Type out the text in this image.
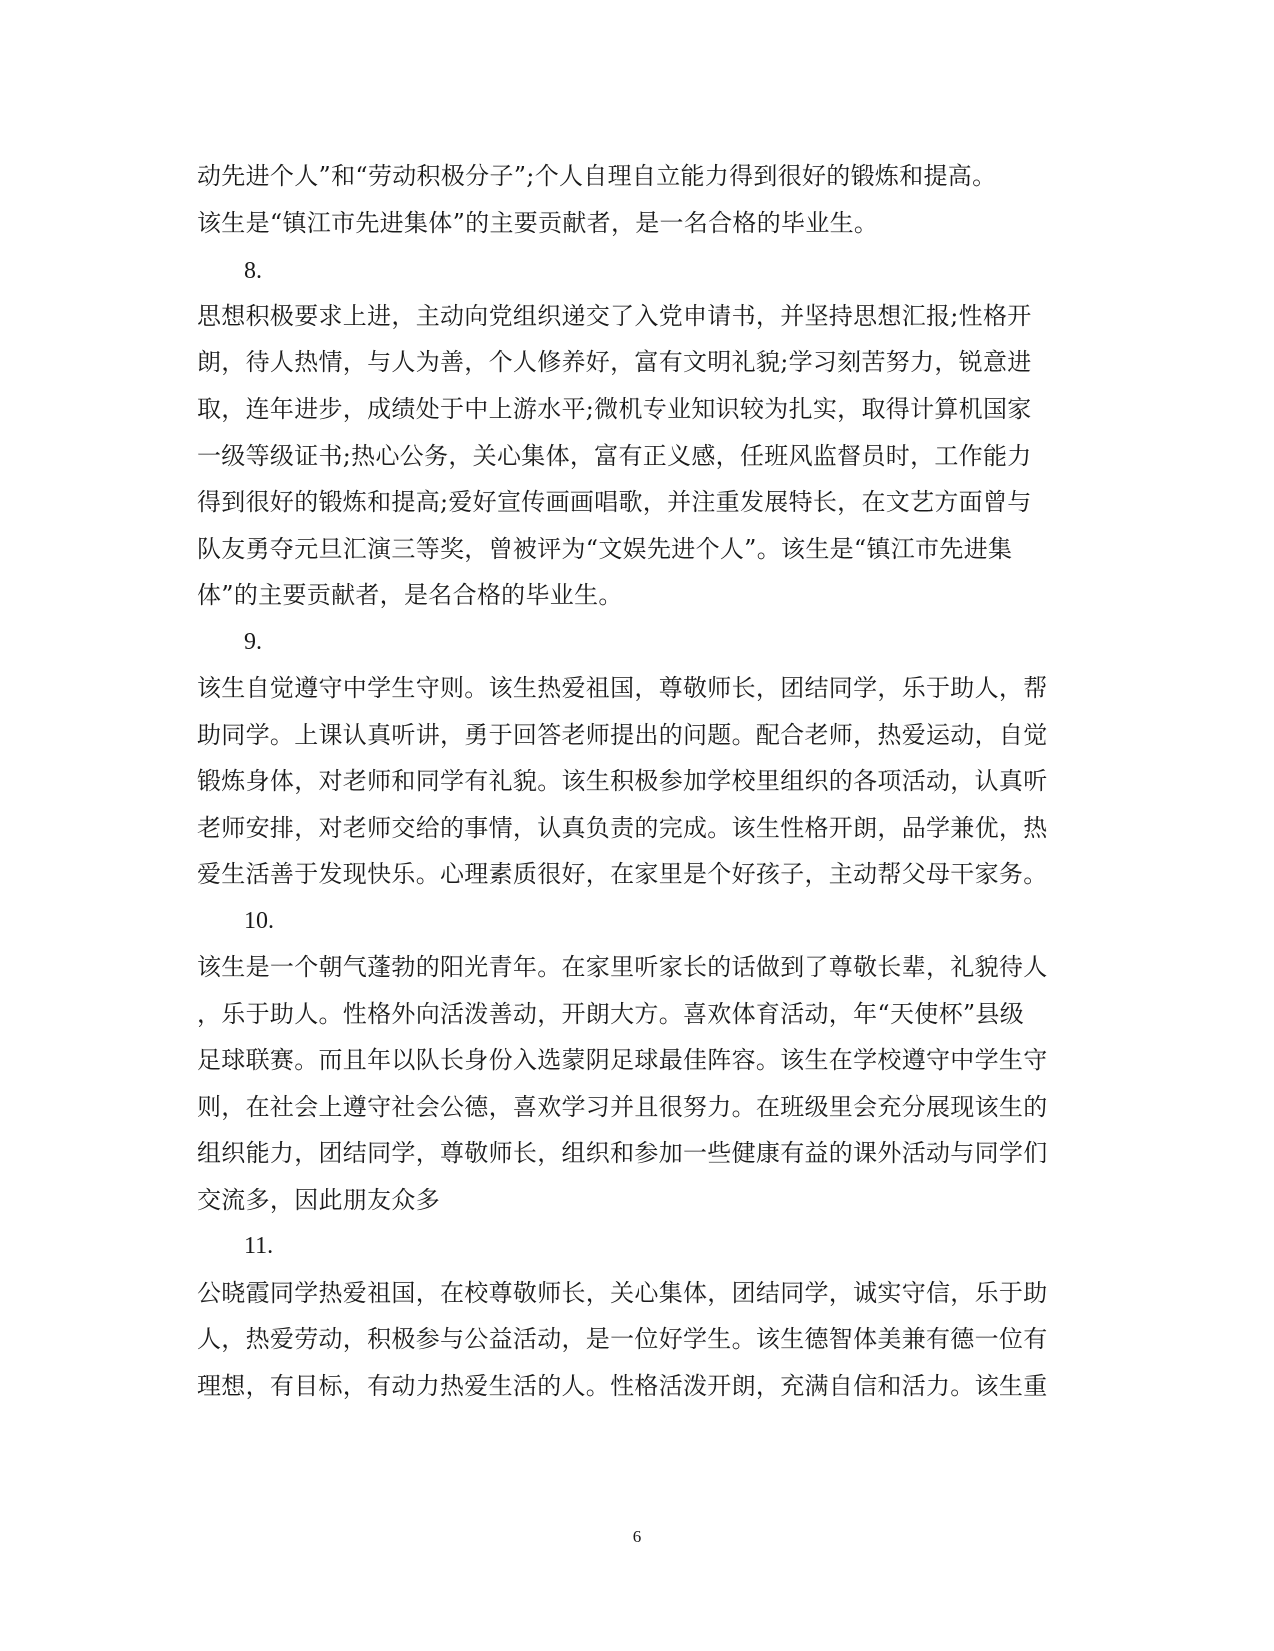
动先进个人”和“劳动积极分子”;个人自理自立能力得到很好的锻炼和提高。
该生是“镇江市先进集体”的主要贡献者，是一名合格的毕业生。
8.
思想积极要求上进，主动向党组织递交了入党申请书，并坚持思想汇报;性格开
朗，待人热情，与人为善，个人修养好，富有文明礼貌;学习刻苦努力，锐意进
取，连年进步，成绩处于中上游水平;微机专业知识较为扎实，取得计算机国家
一级等级证书;热心公务，关心集体，富有正义感，任班风监督员时，工作能力
得到很好的锻炼和提高;爱好宣传画画唱歌，并注重发展特长，在文艺方面曾与
队友勇夺元旦汇演三等奖，曾被评为“文娱先进个人”。该生是“镇江市先进集
体”的主要贡献者，是名合格的毕业生。
9.
该生自觉遵守中学生守则。该生热爱祖国，尊敬师长，团结同学，乐于助人，帮
助同学。上课认真听讲，勇于回答老师提出的问题。配合老师，热爱运动，自觉
锻炼身体，对老师和同学有礼貌。该生积极参加学校里组织的各项活动，认真听
老师安排，对老师交给的事情，认真负责的完成。该生性格开朗，品学兼优，热
爱生活善于发现快乐。心理素质很好，在家里是个好孩子，主动帮父母干家务。
10.
该生是一个朝气蓬勃的阳光青年。在家里听家长的话做到了尊敬长辈，礼貌待人
，乐于助人。性格外向活泼善动，开朗大方。喜欢体育活动，年“天使杯”县级
足球联赛。而且年以队长身份入选蒙阴足球最佳阵容。该生在学校遵守中学生守
则，在社会上遵守社会公德，喜欢学习并且很努力。在班级里会充分展现该生的
组织能力，团结同学，尊敬师长，组织和参加一些健康有益的课外活动与同学们
交流多，因此朋友众多
11.
公晓霞同学热爱祖国，在校尊敬师长，关心集体，团结同学，诚实守信，乐于助
人，热爱劳动，积极参与公益活动，是一位好学生。该生德智体美兼有德一位有
理想，有目标，有动力热爱生活的人。性格活泼开朗，充满自信和活力。该生重
6
